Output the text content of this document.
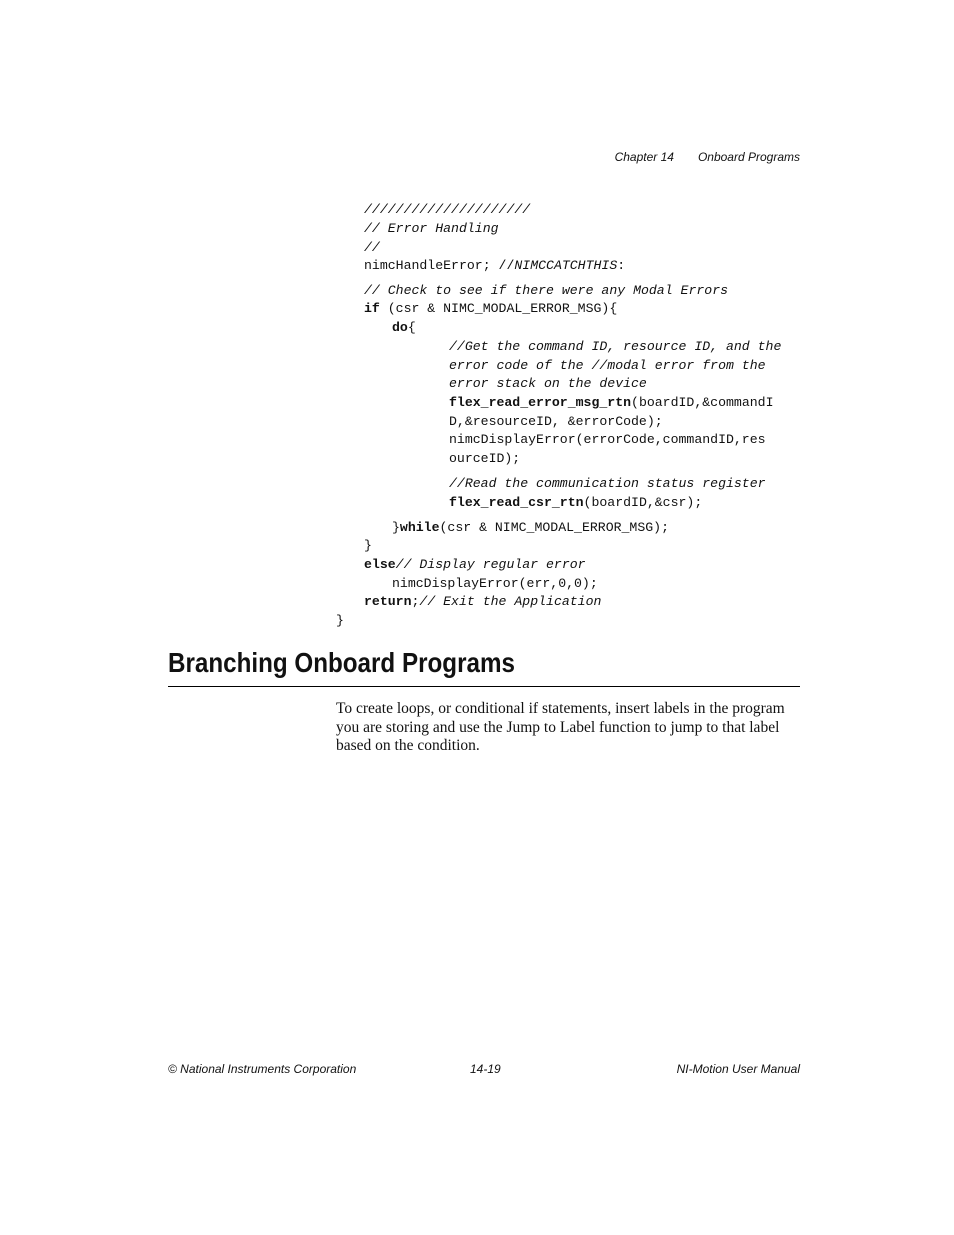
Chapter 14 Onboard Programs
/////////////////////
// Error Handling
//
nimcHandleError; //NIMCCATCHTHIS:
// Check to see if there were any Modal Errors
if (csr & NIMC_MODAL_ERROR_MSG){
do{
//Get the command ID, resource ID, and the
error code of the //modal error from the
error stack on the device
flex_read_error_msg_rtn(boardID,&commandI
D,&resourceID, &errorCode);
nimcDisplayError(errorCode,commandID,res
ourceID);
//Read the communication status register
flex_read_csr_rtn(boardID,&csr);
}while(csr & NIMC_MODAL_ERROR_MSG);
}
else// Display regular error
nimcDisplayError(err,0,0);
return;// Exit the Application
}
Branching Onboard Programs
To create loops, or conditional if statements, insert labels in the program you are storing and use the Jump to Label function to jump to that label based on the condition.
© National Instruments Corporation	14-19	NI-Motion User Manual
